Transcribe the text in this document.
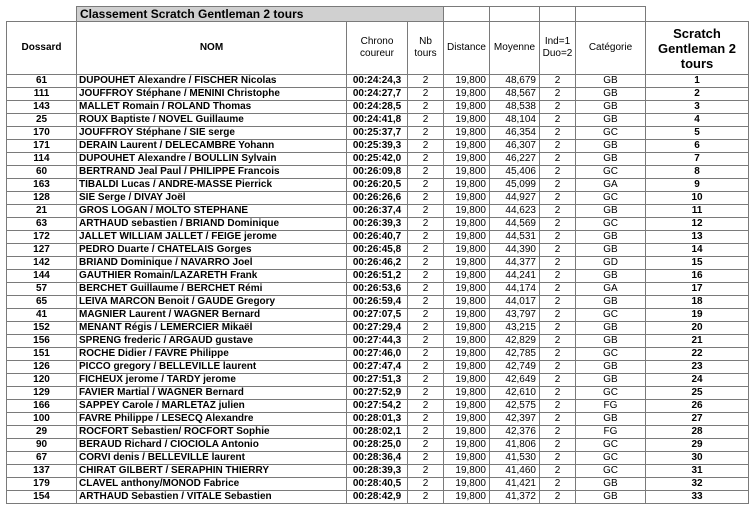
	Classement Scratch Gentleman 2 tours							
Dossard	NOM	Chrono coureur	Nb tours	Distance	Moyenne	Ind=1 Duo=2	Catégorie	Scratch Gentleman 2 tours
61	DUPOUHET Alexandre / FISCHER Nicolas	00:24:24,3	2	19,800	48,679	2	GB	1
111	JOUFFROY Stéphane / MENINI Christophe	00:24:27,7	2	19,800	48,567	2	GB	2
143	MALLET Romain / ROLAND Thomas	00:24:28,5	2	19,800	48,538	2	GB	3
25	ROUX Baptiste / NOVEL Guillaume	00:24:41,8	2	19,800	48,104	2	GB	4
170	JOUFFROY Stéphane / SIE serge	00:25:37,7	2	19,800	46,354	2	GC	5
171	DERAIN Laurent / DELECAMBRE Yohann	00:25:39,3	2	19,800	46,307	2	GB	6
114	DUPOUHET Alexandre / BOULLIN Sylvain	00:25:42,0	2	19,800	46,227	2	GB	7
60	BERTRAND Jeal Paul / PHILIPPE Francois	00:26:09,8	2	19,800	45,406	2	GC	8
163	TIBALDI Lucas / ANDRE-MASSE Pierrick	00:26:20,5	2	19,800	45,099	2	GA	9
128	SIE Serge / DIVAY Joël	00:26:26,6	2	19,800	44,927	2	GC	10
21	GROS LOGAN / MOLTO STEPHANE	00:26:37,4	2	19,800	44,623	2	GB	11
63	ARTHAUD sebastien / BRIAND Dominique	00:26:39,3	2	19,800	44,569	2	GC	12
172	JALLET WILLIAM JALLET / FEIGE jerome	00:26:40,7	2	19,800	44,531	2	GB	13
127	PEDRO Duarte / CHATELAIS Gorges	00:26:45,8	2	19,800	44,390	2	GB	14
142	BRIAND Dominique / NAVARRO Joel	00:26:46,2	2	19,800	44,377	2	GD	15
144	GAUTHIER Romain/LAZARETH Frank	00:26:51,2	2	19,800	44,241	2	GB	16
57	BERCHET Guillaume / BERCHET Rémi	00:26:53,6	2	19,800	44,174	2	GA	17
65	LEIVA MARCON Benoit / GAUDE Gregory	00:26:59,4	2	19,800	44,017	2	GB	18
41	MAGNIER Laurent / WAGNER Bernard	00:27:07,5	2	19,800	43,797	2	GC	19
152	MENANT Régis / LEMERCIER Mikaël	00:27:29,4	2	19,800	43,215	2	GB	20
156	SPRENG frederic / ARGAUD gustave	00:27:44,3	2	19,800	42,829	2	GB	21
151	ROCHE Didier / FAVRE Philippe	00:27:46,0	2	19,800	42,785	2	GC	22
126	PICCO gregory / BELLEVILLE laurent	00:27:47,4	2	19,800	42,749	2	GB	23
120	FICHEUX jerome / TARDY jerome	00:27:51,3	2	19,800	42,649	2	GB	24
129	FAVIER Martial / WAGNER Bernard	00:27:52,9	2	19,800	42,610	2	GC	25
166	SAPPEY Carole / MARLETAZ julien	00:27:54,2	2	19,800	42,575	2	FG	26
100	FAVRE Philippe / LESECQ Alexandre	00:28:01,3	2	19,800	42,397	2	GB	27
29	ROCFORT Sebastien/ ROCFORT Sophie	00:28:02,1	2	19,800	42,376	2	FG	28
90	BERAUD Richard / CIOCIOLA Antonio	00:28:25,0	2	19,800	41,806	2	GC	29
67	CORVI denis / BELLEVILLE laurent	00:28:36,4	2	19,800	41,530	2	GC	30
137	CHIRAT GILBERT / SERAPHIN THIERRY	00:28:39,3	2	19,800	41,460	2	GC	31
179	CLAVEL anthony/MONOD Fabrice	00:28:40,5	2	19,800	41,421	2	GB	32
154	ARTHAUD Sebastien / VITALE Sebastien	00:28:42,9	2	19,800	41,372	2	GB	33
